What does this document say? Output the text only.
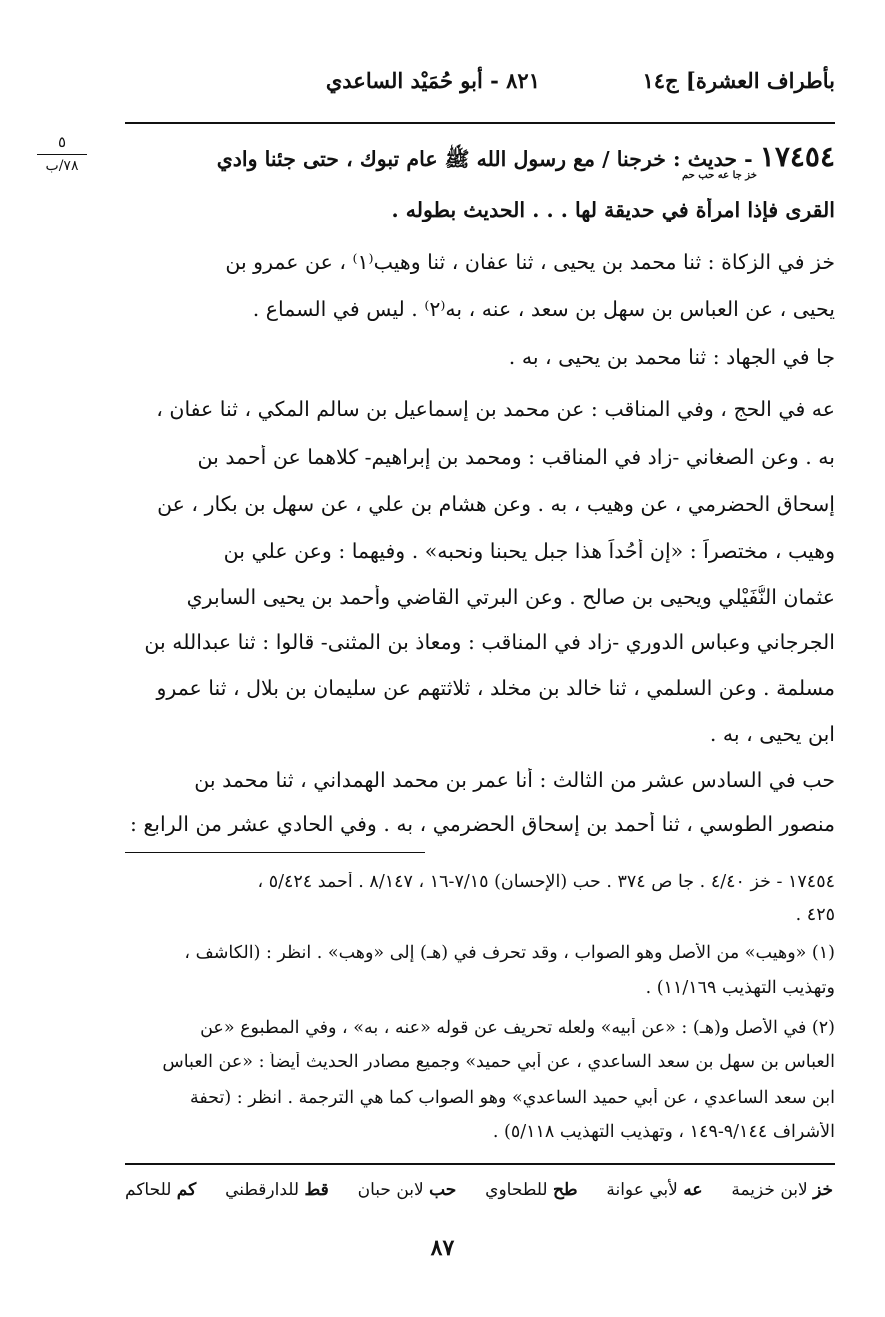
بأطراف العشرة] ج١٤
٨٢١ - أبو حُمَيْد الساعدي
٥
٧٨/ب	١٧٤٥٤ - حديث : خرجنا / مع رسول الله ﷺ عام تبوك ، حتى جئنا وادي
خز جا عه حب حم
القرى فإذا امرأة في حديقة لها . . . الحديث بطوله .
خز في الزكاة : ثنا محمد بن يحيى ، ثنا عفان ، ثنا وهيب⁽١⁾ ، عن عمرو بن
يحيى ، عن العباس بن سهل بن سعد ، عنه ، به⁽٢⁾ . ليس في السماع .
جا في الجهاد : ثنا محمد بن يحيى ، به .
عه في الحج ، وفي المناقب : عن محمد بن إسماعيل بن سالم المكي ، ثنا عفان ،
به . وعن الصغاني -زاد في المناقب : ومحمد بن إبراهيم- كلاهما عن أحمد بن
إسحاق الحضرمي ، عن وهيب ، به . وعن هشام بن علي ، عن سهل بن بكار ، عن
وهيب ، مختصراً : «إن أُحُداً هذا جبل يحبنا ونحبه» . وفيهما : وعن علي بن
عثمان النُّفَيْلي ويحيى بن صالح . وعن البرتي القاضي وأحمد بن يحيى السابري
الجرجاني وعباس الدوري -زاد في المناقب : ومعاذ بن المثنى- قالوا : ثنا عبدالله بن
مسلمة . وعن السلمي ، ثنا خالد بن مخلد ، ثلاثتهم عن سليمان بن بلال ، ثنا عمرو
ابن يحيى ، به .
حب في السادس عشر من الثالث : أنا عمر بن محمد الهمداني ، ثنا محمد بن
منصور الطوسي ، ثنا أحمد بن إسحاق الحضرمي ، به . وفي الحادي عشر من الرابع :
١٧٤٥٤ - خز ٤/٤٠ . جا ص ٣٧٤ . حب (الإحسان) ٧/١٥-١٦ ، ٨/١٤٧ . أحمد ٥/٤٢٤ ،
٤٢٥ .
(١) «وهيب» من الأصل وهو الصواب ، وقد تحرف في (هـ) إلى «وهب» . انظر : (الكاشف ،
وتهذيب التهذيب ١١/١٦٩) .
(٢) في الأصل و(هـ) : «عن أبيه» ولعله تحريف عن قوله «عنه ، به» ، وفي المطبوع «عن
العباس بن سهل بن سعد الساعدي ، عن أبي حميد» وجميع مصادر الحديث أيضاً : «عن العباس
ابن سعد الساعدي ، عن أبي حميد الساعدي» وهو الصواب كما هي الترجمة . انظر : (تحفة
الأشراف ٩/١٤٤-١٤٩ ، وتهذيب التهذيب ٥/١١٨) .
خز لابن خزيمة
عه لأبي عوانة
طح للطحاوي
حب لابن حبان
قط للدارقطني
كم للحاكم
٨٧
